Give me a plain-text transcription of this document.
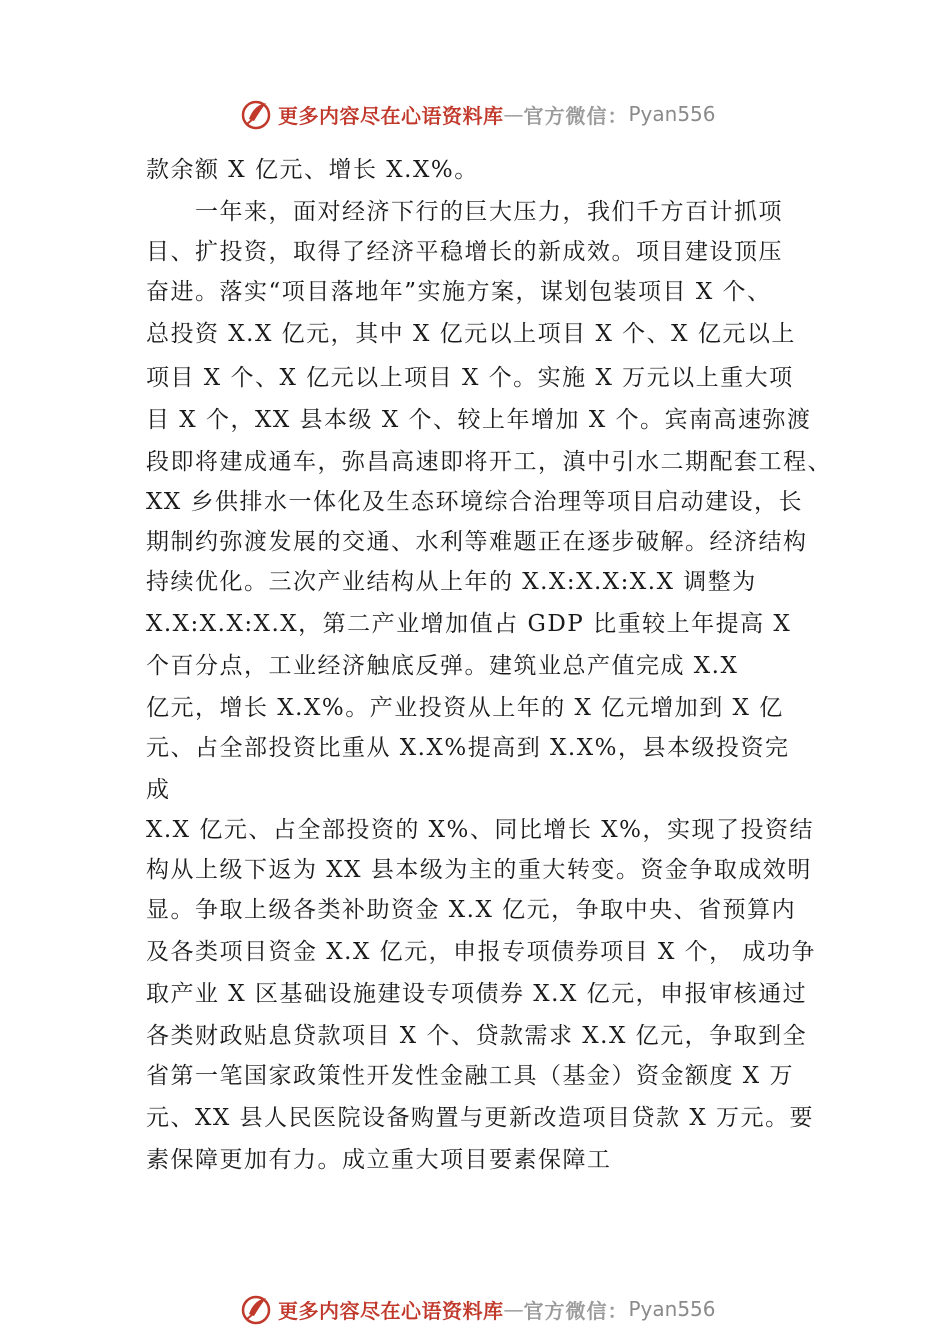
更多内容尽在心语资料库 — 官方微信： Pyan556
款余额 X 亿元、增长 X.X%。
　　一年来，面对经济下行的巨大压力，我们千方百计抓项
目、扩投资，取得了经济平稳增长的新成效。项目建设顶压
奋进。落实“项目落地年”实施方案，谋划包装项目 X 个、
总投资 X.X 亿元，其中 X 亿元以上项目 X 个、X 亿元以上
项目 X 个、X 亿元以上项目 X 个。实施 X 万元以上重大项
目 X 个，XX 县本级 X 个、较上年增加 X 个。宾南高速弥渡
段即将建成通车，弥昌高速即将开工，滇中引水二期配套工程、
XX 乡供排水一体化及生态环境综合治理等项目启动建设，长
期制约弥渡发展的交通、水利等难题正在逐步破解。经济结构
持续优化。三次产业结构从上年的 X.X:X.X:X.X 调整为
X.X:X.X:X.X，第二产业增加值占 GDP 比重较上年提高 X
个百分点，工业经济触底反弹。建筑业总产值完成 X.X
亿元，增长 X.X%。产业投资从上年的 X 亿元增加到 X 亿
元、占全部投资比重从 X.X%提高到 X.X%，县本级投资完
成
X.X 亿元、占全部投资的 X%、同比增长 X%，实现了投资结
构从上级下返为 XX 县本级为主的重大转变。资金争取成效明
显。争取上级各类补助资金 X.X 亿元，争取中央、省预算内
及各类项目资金 X.X 亿元，申报专项债券项目 X 个， 成功争
取产业 X 区基础设施建设专项债券 X.X 亿元，申报审核通过
各类财政贴息贷款项目 X 个、贷款需求 X.X 亿元，争取到全
省第一笔国家政策性开发性金融工具（基金）资金额度 X 万
元、XX 县人民医院设备购置与更新改造项目贷款 X 万元。要
素保障更加有力。成立重大项目要素保障工
更多内容尽在心语资料库 — 官方微信： Pyan556
